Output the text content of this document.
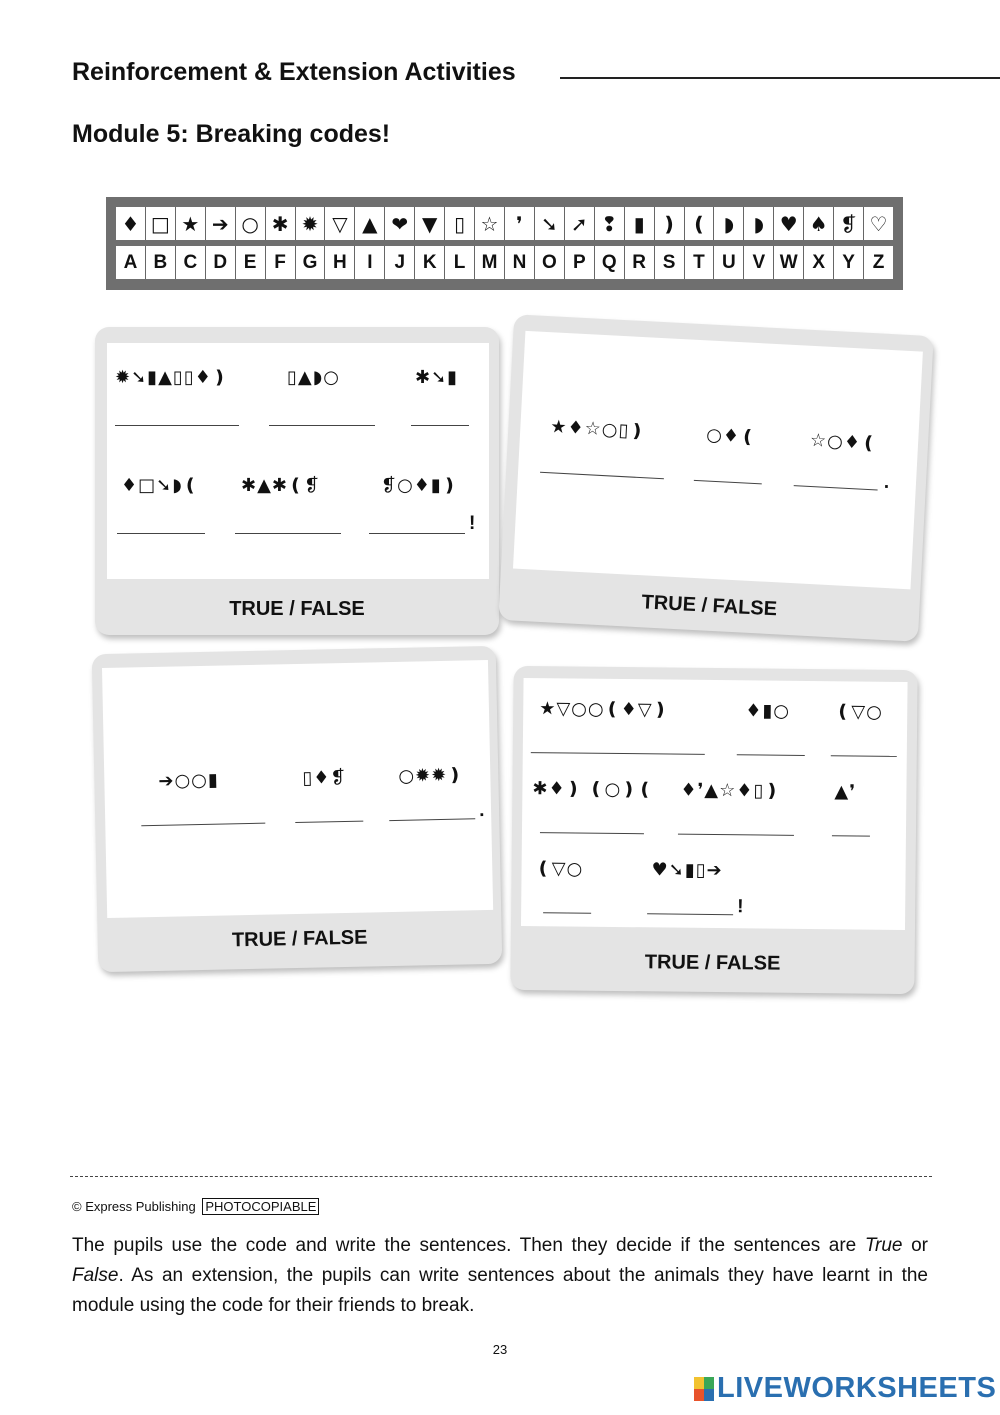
Reinforcement & Extension Activities
Module 5: Breaking codes!
♦ □ ★ ➔ ○ ✱ ✹ ▽ ▲ ❤ ▼ ▯ ☆ ❜ ➘ ➚ ❢ ▮ ❫ ❪ ◗ ◗ ♥ ♠ ❡ ♡
A B C D E F G H	I	J K L M N O P Q R S T U V W X Y Z
✹➘▮▲▯▯♦❫	▯▲◗○	✱➘▮
♦□➘◗❪ ✱▲✱❪❡	❡○♦▮❫
!
TRUE / FALSE
★♦☆○▯❫	○♦❪	☆○♦❪
.
TRUE / FALSE
➔○○▮	▯♦❡	○✹✹❫
.
TRUE / FALSE
★▽○○❪♦▽❫	♦▮○	❪▽○
✱♦❫ ❪○❫❪ ♦❜▲☆♦▯❫	▲❜
❪▽○	♥➘▮▯➔
!
TRUE / FALSE
© Express Publishing PHOTOCOPIABLE
The pupils use the code and write the sentences. Then they decide if the sentences are True or False. As an extension, the pupils can write sentences about the animals they have learnt in the module using the code for their friends to break.
23
LIVEWORKSHEETS
